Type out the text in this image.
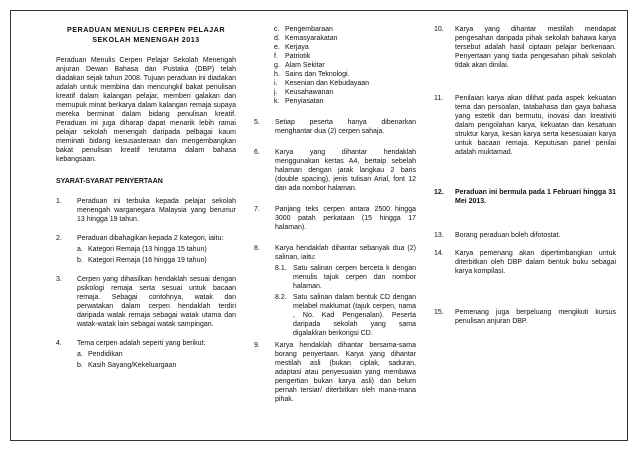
PERADUAN MENULIS CERPEN PELAJAR
SEKOLAH MENENGAH 2013

Peraduan Menulis Cerpen Pelajar Sekolah Menengah anjuran Dewan Bahasa dan Pustaka (DBP) telah diadakan sejak tahun 2008. Tujuan peraduan ini diadakan adalah untuk membina dan mencungkil bakat penulisan kreatif dalam kalangan pelajar, memberi galakan dan memupuk minat berkarya dalam kalangan remaja supaya mereka berminat dalam bidang penulisan kreatif. Peraduan ini juga diharap dapat menarik lebih ramai pelajar sekolah menengah daripada pelbagai kaum meminati bidang kesusasteraan dan mengembangkan bakat penulisan kreatif terutama dalam bahasa kebangsaan.

SYARAT-SYARAT PENYERTAAN
1. Peraduan ini terbuka kepada pelajar sekolah menengah warganegara Malaysia yang berumur 13 hingga 19 tahun.
2. Peraduan dibahagikan kepada 2 kategori, iaitu:
a. Kategori Remaja (13 hingga 15 tahun)
b. Kategori Remaja (16 hingga 19 tahun)
3. Cerpen yang dihasilkan hendaklah sesuai dengan psikologi remaja serta sesuai untuk bacaan remaja. Sebagai contohnya, watak dan perwatakan dalam cerpen hendaklah terdiri daripada watak remaja sebagai watak utama dan watak-watak lain sebagai watak sampingan.
4. Tema cerpen adalah seperti yang berikut:
a. Pendidikan
b. Kasih Sayang/Kekeluargaan
c. Pengembaraan
d. Kemasyarakatan
e. Kerjaya
f. Patriotik
g. Alam Sekitar
h. Sains dan Teknologi.
i. Kesenian dan Kebudayaan
j. Keusahawanan
k. Penyiasatan
5. Setiap peserta hanya dibenarkan menghantar dua (2) cerpen sahaja.
6. Karya yang dihantar hendaklah menggunakan kertas A4, bertaip sebelah halaman dengan jarak langkau 2 baris (double spacing), jenis tulisan Arial, font 12 dan ada nombor halaman.
7. Panjang teks cerpen antara 2500 hingga 3000 patah perkataan (15 hingga 17 halaman).
8. Karya hendaklah dihantar sebanyak dua (2) salinan, iaitu:
8.1. Satu salinan cerpen berceta k dengan menulis tajuk cerpen dan nombor halaman.
8.2. Satu salinan dalam bentuk CD dengan melabel maklumat (tajuk cerpen, nama , No. Kad Pengenalan). Peserta daripada sekolah yang sama digalakkan berkongsi CD.
9. Karya hendaklah dihantar bersama-sama borang penyertaan. Karya yang dihantar mestilah asli (bukan ciplak, saduran, adaptasi atau penyesuaian yang membawa pengertian bukan karya asli) dan belum pernah tersiar/ diterbitkan oleh mana-mana pihak.
10. Karya yang dihantar mestilah mendapat pengesahan daripada pihak sekolah bahawa karya tersebut adalah hasil ciptaan pelajar berkenaan. Penyertaan yang tiada pengesahan pihak sekolah tidak akan dinilai.
11. Penilaian karya akan dilihat pada aspek kekuatan tema dan persoalan, tatabahasa dan gaya bahasa yang estetik dan bermutu, inovasi dan kreativiti dalam pengolahan karya, kekuatan dan kesatuan struktur karya, kesan karya serta kesesuaian karya untuk bacaan remaja. Keputusan panel penilai adalah muktamad.
12. Peraduan ini bermula pada 1 Februari hingga 31 Mei 2013.
13. Borang peraduan boleh difotostat.
14. Karya pemenang akan dipertimbangkan untuk diterbitkan oleh DBP dalam bentuk buku sebagai karya kompilasi.
15. Pemenang juga berpeluang mengikuti kursus penulisan anjuran DBP.
